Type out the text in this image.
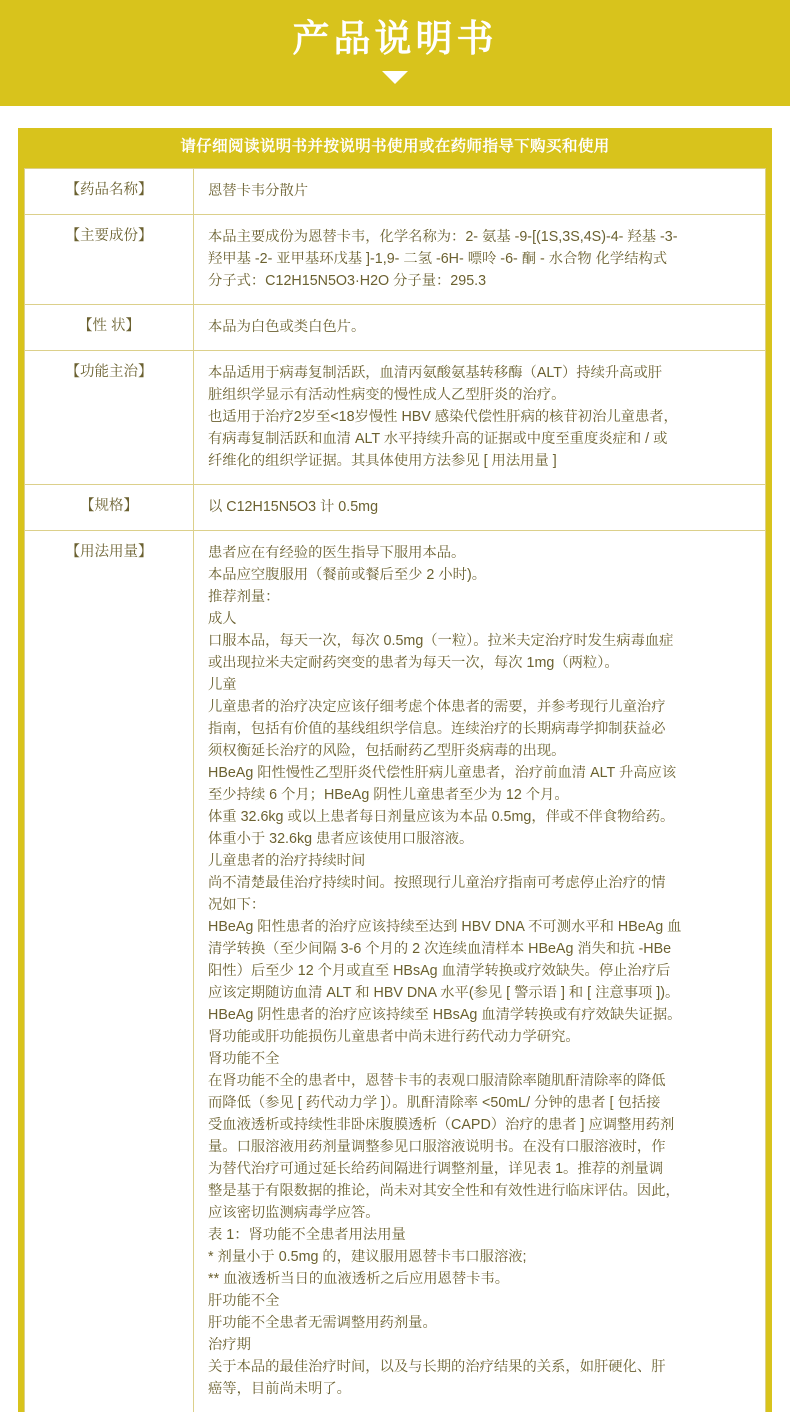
产品说明书
请仔细阅读说明书并按说明书使用或在药师指导下购买和使用
【药品名称】	恩替卡韦分散片

【主要成份】	本品主要成份为恩替卡韦，化学名称为：2- 氨基 -9-[(1S,3S,4S)-4- 羟基 -3-

羟甲基 -2- 亚甲基环戊基 ]-1,9- 二氢 -6H- 嘌呤 -6- 酮 - 水合物 化学结构式

分子式：C12H15N5O3·H2O 分子量：295.3

【性 状】	本品为白色或类白色片。

【功能主治】	本品适用于病毒复制活跃，血清丙氨酸氨基转移酶（ALT）持续升高或肝

脏组织学显示有活动性病变的慢性成人乙型肝炎的治疗。

也适用于治疗2岁至<18岁慢性 HBV 感染代偿性肝病的核苷初治儿童患者，

有病毒复制活跃和血清 ALT 水平持续升高的证据或中度至重度炎症和 / 或

纤维化的组织学证据。其具体使用方法参见 [ 用法用量 ]

【规格】	以 C12H15N5O3 计 0.5mg

【用法用量】	患者应在有经验的医生指导下服用本品。

本品应空腹服用（餐前或餐后至少 2 小时)。

推荐剂量：

成人

口服本品，每天一次，每次 0.5mg（一粒）。拉米夫定治疗时发生病毒血症

或出现拉米夫定耐药突变的患者为每天一次，每次 1mg（两粒）。

儿童

儿童患者的治疗决定应该仔细考虑个体患者的需要，并参考现行儿童治疗

指南，包括有价值的基线组织学信息。连续治疗的长期病毒学抑制获益必

须权衡延长治疗的风险，包括耐药乙型肝炎病毒的出现。

HBeAg 阳性慢性乙型肝炎代偿性肝病儿童患者，治疗前血清 ALT 升高应该

至少持续 6 个月；HBeAg 阴性儿童患者至少为 12 个月。

体重 32.6kg 或以上患者每日剂量应该为本品 0.5mg，伴或不伴食物给药。

体重小于 32.6kg 患者应该使用口服溶液。

儿童患者的治疗持续时间

尚不清楚最佳治疗持续时间。按照现行儿童治疗指南可考虑停止治疗的情

况如下：

HBeAg 阳性患者的治疗应该持续至达到 HBV DNA 不可测水平和 HBeAg 血

清学转换（至少间隔 3-6 个月的 2 次连续血清样本 HBeAg 消失和抗 -HBe

阳性）后至少 12 个月或直至 HBsAg 血清学转换或疗效缺失。停止治疗后

应该定期随访血清 ALT 和 HBV DNA 水平(参见 [ 警示语 ] 和 [ 注意事项 ])。

HBeAg 阴性患者的治疗应该持续至 HBsAg 血清学转换或有疗效缺失证据。

肾功能或肝功能损伤儿童患者中尚未进行药代动力学研究。

肾功能不全

在肾功能不全的患者中，恩替卡韦的表观口服清除率随肌酐清除率的降低

而降低（参见 [ 药代动力学 ]）。肌酐清除率 <50mL/ 分钟的患者 [ 包括接

受血液透析或持续性非卧床腹膜透析（CAPD）治疗的患者 ] 应调整用药剂

量。口服溶液用药剂量调整参见口服溶液说明书。在没有口服溶液时，作

为替代治疗可通过延长给药间隔进行调整剂量，详见表 1。推荐的剂量调

整是基于有限数据的推论，尚未对其安全性和有效性进行临床评估。因此，

应该密切监测病毒学应答。

表 1：肾功能不全患者用法用量

* 剂量小于 0.5mg 的，建议服用恩替卡韦口服溶液;

** 血液透析当日的血液透析之后应用恩替卡韦。

肝功能不全

肝功能不全患者无需调整用药剂量。

治疗期

关于本品的最佳治疗时间，以及与长期的治疗结果的关系，如肝硬化、肝

癌等，目前尚未明了。
